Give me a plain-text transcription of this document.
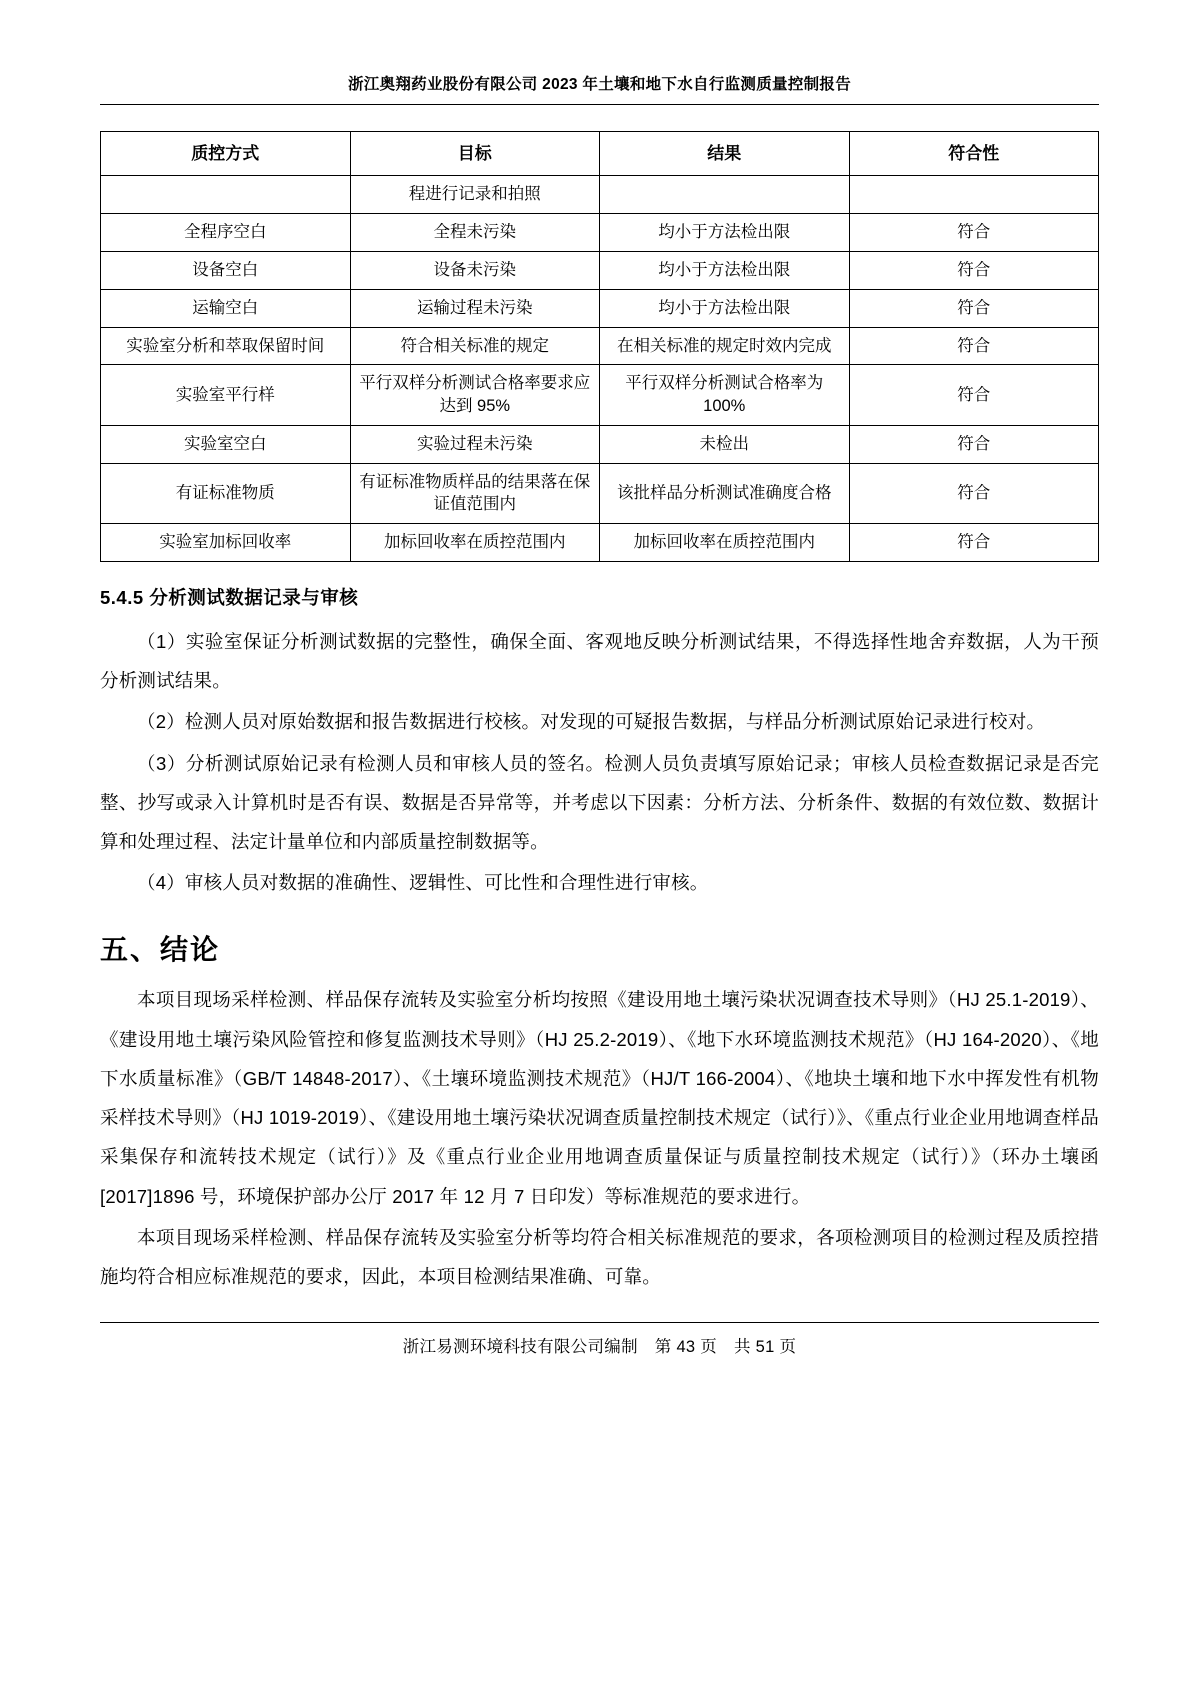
浙江奥翔药业股份有限公司 2023 年土壤和地下水自行监测质量控制报告
质控方式	目标	结果	符合性
	程进行记录和拍照		
全程序空白	全程未污染	均小于方法检出限	符合
设备空白	设备未污染	均小于方法检出限	符合
运输空白	运输过程未污染	均小于方法检出限	符合
实验室分析和萃取保留时间	符合相关标准的规定	在相关标准的规定时效内完成	符合
实验室平行样	平行双样分析测试合格率要求应达到 95%	平行双样分析测试合格率为 100%	符合
实验室空白	实验过程未污染	未检出	符合
有证标准物质	有证标准物质样品的结果落在保证值范围内	该批样品分析测试准确度合格	符合
实验室加标回收率	加标回收率在质控范围内	加标回收率在质控范围内	符合
5.4.5 分析测试数据记录与审核

（1）实验室保证分析测试数据的完整性，确保全面、客观地反映分析测试结果，不得选择性地舍弃数据，人为干预分析测试结果。

（2）检测人员对原始数据和报告数据进行校核。对发现的可疑报告数据，与样品分析测试原始记录进行校对。

（3）分析测试原始记录有检测人员和审核人员的签名。检测人员负责填写原始记录；审核人员检查数据记录是否完整、抄写或录入计算机时是否有误、数据是否异常等，并考虑以下因素：分析方法、分析条件、数据的有效位数、数据计算和处理过程、法定计量单位和内部质量控制数据等。

（4）审核人员对数据的准确性、逻辑性、可比性和合理性进行审核。

五、结论

本项目现场采样检测、样品保存流转及实验室分析均按照《建设用地土壤污染状况调查技术导则》（HJ 25.1-2019）、《建设用地土壤污染风险管控和修复监测技术导则》（HJ 25.2-2019）、《地下水环境监测技术规范》（HJ 164-2020）、《地下水质量标准》（GB/T 14848-2017）、《土壤环境监测技术规范》（HJ/T 166-2004）、《地块土壤和地下水中挥发性有机物采样技术导则》（HJ 1019-2019）、《建设用地土壤污染状况调查质量控制技术规定（试行）》、《重点行业企业用地调查样品采集保存和流转技术规定（试行）》及《重点行业企业用地调查质量保证与质量控制技术规定（试行）》（环办土壤函[2017]1896 号，环境保护部办公厅 2017 年 12 月 7 日印发）等标准规范的要求进行。

本项目现场采样检测、样品保存流转及实验室分析等均符合相关标准规范的要求，各项检测项目的检测过程及质控措施均符合相应标准规范的要求，因此，本项目检测结果准确、可靠。

浙江易测环境科技有限公司编制 第 43 页 共 51 页
